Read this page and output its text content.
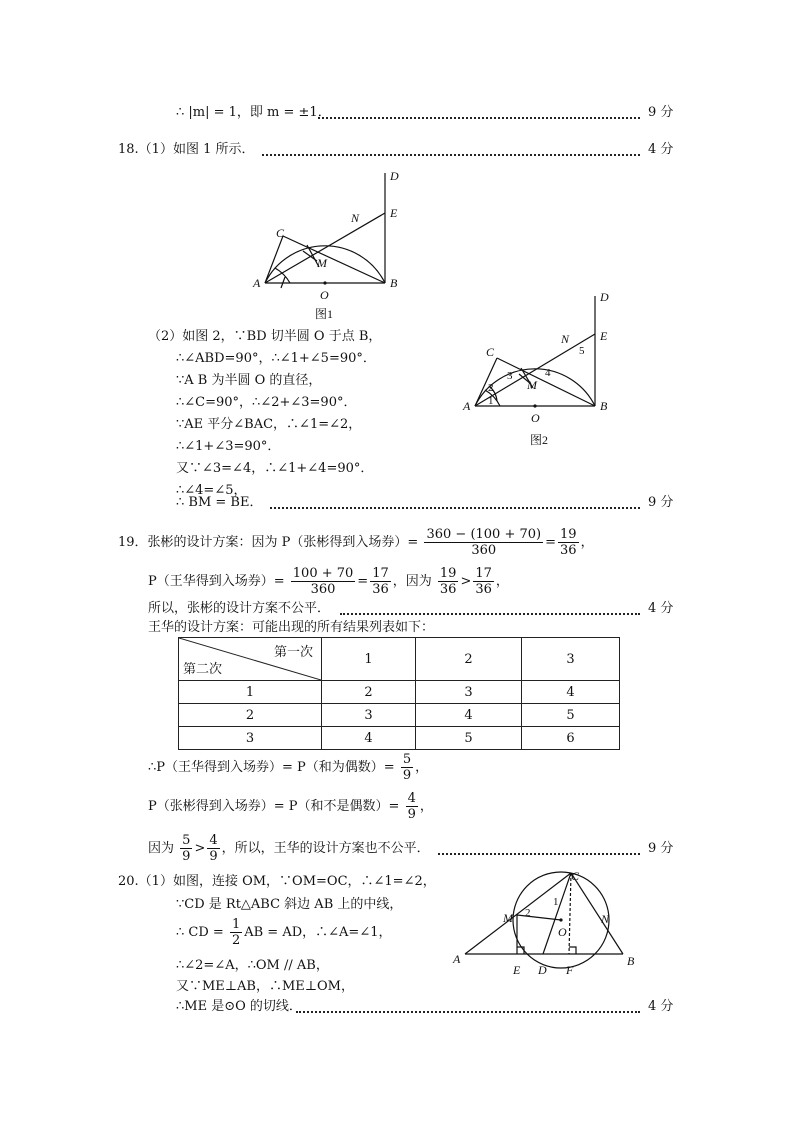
∴ |m| = 1，即 m = ±1．	9 分
18.（1）如图 1 所示．	4 分
A	B
C
D
E
N
M
O
图1
（2）如图 2，∵BD 切半圆 O 于点 B，
∴∠ABD=90°，∴∠1+∠5=90°．
∵A B 为半圆 O 的直径，
∴∠C=90°，∴∠2+∠3=90°．
∵AE 平分∠BAC，∴∠1=∠2，
∴∠1+∠3=90°．
又∵∠3=∠4，∴∠1+∠4=90°．
∴∠4=∠5，
∴ BM = BE．	9 分
A	B
C
D
E
N
M
O
1
2
3	4
5
图2
19．张彬的设计方案：因为 P（张彬得到入场券）= $\frac{360 - (100 + 70)}{360} = \frac{19}{36}$ ，
P（王华得到入场券）= $\frac{100 + 70}{360} = \frac{17}{36}$ ，因为 $\frac{19}{36} > \frac{17}{36}$ ，
所以，张彬的设计方案不公平．	4 分
王华的设计方案：可能出现的所有结果列表如下：
第一次
第二次	1	2	3
1	2	3	4
2	3	4	5
3	4	5	6
∴P（王华得到入场券）= P（和为偶数）= $\frac{5}{9}$ ，
P（张彬得到入场券）= P（和不是偶数）= $\frac{4}{9}$ ，
因为 $\frac{5}{9} > \frac{4}{9}$ ，所以，王华的设计方案也不公平．	9 分
20.（1）如图，连接 OM，∵OM=OC，∴∠1=∠2，
∵CD 是 Rt△ABC 斜边 AB 上的中线，
∴ CD = $\frac{1}{2}$ AB = AD，∴∠A=∠1，
∴∠2=∠A，∴OM // AB，
又∵ME⊥AB，∴ME⊥OM，
∴ME 是⊙O 的切线．	4 分
A	B
C
M	N
O
E D F
1
2
